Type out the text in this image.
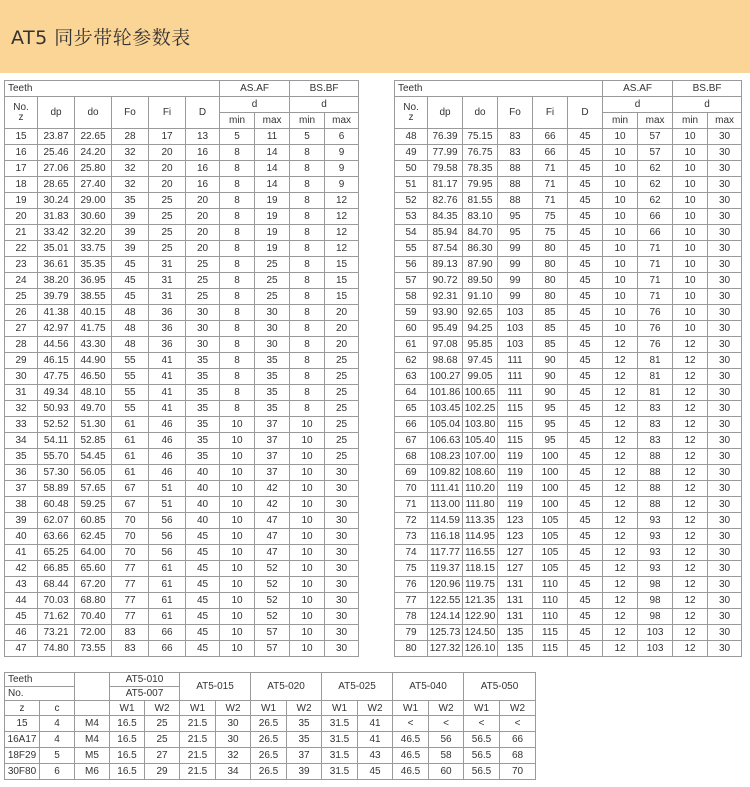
AT5 同步带轮参数表
Teeth						AS.AF		BS.BF	
No.
z	dp	do	Fo	Fi	D	d		d	
						min	max	min	max
15	23.87	22.65	28	17	13	5	11	5	6
16	25.46	24.20	32	20	16	8	14	8	9
17	27.06	25.80	32	20	16	8	14	8	9
18	28.65	27.40	32	20	16	8	14	8	9
19	30.24	29.00	35	25	20	8	19	8	12
20	31.83	30.60	39	25	20	8	19	8	12
21	33.42	32.20	39	25	20	8	19	8	12
22	35.01	33.75	39	25	20	8	19	8	12
23	36.61	35.35	45	31	25	8	25	8	15
24	38.20	36.95	45	31	25	8	25	8	15
25	39.79	38.55	45	31	25	8	25	8	15
26	41.38	40.15	48	36	30	8	30	8	20
27	42.97	41.75	48	36	30	8	30	8	20
28	44.56	43.30	48	36	30	8	30	8	20
29	46.15	44.90	55	41	35	8	35	8	25
30	47.75	46.50	55	41	35	8	35	8	25
31	49.34	48.10	55	41	35	8	35	8	25
32	50.93	49.70	55	41	35	8	35	8	25
33	52.52	51.30	61	46	35	10	37	10	25
34	54.11	52.85	61	46	35	10	37	10	25
35	55.70	54.45	61	46	35	10	37	10	25
36	57.30	56.05	61	46	40	10	37	10	30
37	58.89	57.65	67	51	40	10	42	10	30
38	60.48	59.25	67	51	40	10	42	10	30
39	62.07	60.85	70	56	40	10	47	10	30
40	63.66	62.45	70	56	45	10	47	10	30
41	65.25	64.00	70	56	45	10	47	10	30
42	66.85	65.60	77	61	45	10	52	10	30
43	68.44	67.20	77	61	45	10	52	10	30
44	70.03	68.80	77	61	45	10	52	10	30
45	71.62	70.40	77	61	45	10	52	10	30
46	73.21	72.00	83	66	45	10	57	10	30
47	74.80	73.55	83	66	45	10	57	10	30
Teeth						AS.AF		BS.BF	
No.
z	dp	do	Fo	Fi	D	d		d	
						min	max	min	max
48	76.39	75.15	83	66	45	10	57	10	30
49	77.99	76.75	83	66	45	10	57	10	30
50	79.58	78.35	88	71	45	10	62	10	30
51	81.17	79.95	88	71	45	10	62	10	30
52	82.76	81.55	88	71	45	10	62	10	30
53	84.35	83.10	95	75	45	10	66	10	30
54	85.94	84.70	95	75	45	10	66	10	30
55	87.54	86.30	99	80	45	10	71	10	30
56	89.13	87.90	99	80	45	10	71	10	30
57	90.72	89.50	99	80	45	10	71	10	30
58	92.31	91.10	99	80	45	10	71	10	30
59	93.90	92.65	103	85	45	10	76	10	30
60	95.49	94.25	103	85	45	10	76	10	30
61	97.08	95.85	103	85	45	12	76	12	30
62	98.68	97.45	111	90	45	12	81	12	30
63	100.27	99.05	111	90	45	12	81	12	30
64	101.86	100.65	111	90	45	12	81	12	30
65	103.45	102.25	115	95	45	12	83	12	30
66	105.04	103.80	115	95	45	12	83	12	30
67	106.63	105.40	115	95	45	12	83	12	30
68	108.23	107.00	119	100	45	12	88	12	30
69	109.82	108.60	119	100	45	12	88	12	30
70	111.41	110.20	119	100	45	12	88	12	30
71	113.00	111.80	119	100	45	12	88	12	30
72	114.59	113.35	123	105	45	12	93	12	30
73	116.18	114.95	123	105	45	12	93	12	30
74	117.77	116.55	127	105	45	12	93	12	30
75	119.37	118.15	127	105	45	12	93	12	30
76	120.96	119.75	131	110	45	12	98	12	30
77	122.55	121.35	131	110	45	12	98	12	30
78	124.14	122.90	131	110	45	12	98	12	30
79	125.73	124.50	135	115	45	12	103	12	30
80	127.32	126.10	135	115	45	12	103	12	30
Teeth			AT5-010		AT5-015		AT5-020		AT5-025		AT5-040		AT5-050	
No.			AT5-007											
z	c		W1	W2	W1	W2	W1	W2	W1	W2	W1	W2	W1	W2
15	4	M4	16.5	25	21.5	30	26.5	35	31.5	41	<	<	<	<
16A17	4	M4	16.5	25	21.5	30	26.5	35	31.5	41	46.5	56	56.5	66
18F29	5	M5	16.5	27	21.5	32	26.5	37	31.5	43	46.5	58	56.5	68
30F80	6	M6	16.5	29	21.5	34	26.5	39	31.5	45	46.5	60	56.5	70
